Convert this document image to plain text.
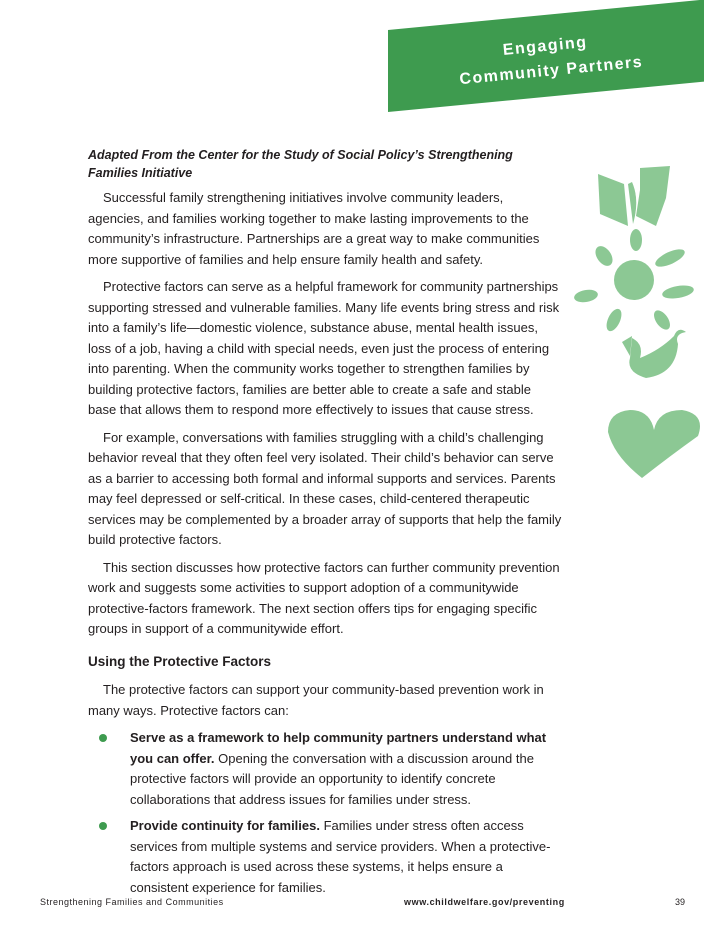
Engaging
Community Partners

Adapted From the Center for the Study of Social Policy’s Strengthening Families Initiative

Successful family strengthening initiatives involve community leaders, agencies, and families working together to make lasting improvements to the community’s infrastructure. Partnerships are a great way to make communities more supportive of families and help ensure family health and safety.

Protective factors can serve as a helpful framework for community partnerships supporting stressed and vulnerable families. Many life events bring stress and risk into a family’s life—domestic violence, substance abuse, mental health issues, loss of a job, having a child with special needs, even just the process of entering into parenting. When the community works together to strengthen families by building protective factors, families are better able to create a safe and stable base that allows them to respond more effectively to issues that cause stress.

For example, conversations with families struggling with a child’s challenging behavior reveal that they often feel very isolated. Their child’s behavior can serve as a barrier to accessing both formal and informal supports and services. Parents may feel depressed or self-critical. In these cases, child-centered therapeutic services may be complemented by a broader array of supports that help the family build protective factors.

This section discusses how protective factors can further community prevention work and suggests some activities to support adoption of a communitywide protective-factors framework. The next section offers tips for engaging specific groups in support of a communitywide effort.

Using the Protective Factors

The protective factors can support your community-based prevention work in many ways. Protective factors can:

Serve as a framework to help community partners understand what you can offer. Opening the conversation with a discussion around the protective factors will provide an opportunity to identify concrete collaborations that address issues for families under stress.
Provide continuity for families. Families under stress often access services from multiple systems and service providers. When a protective-factors approach is used across these systems, it helps ensure a consistent experience for families.
Strengthening Families and Communities	www.childwelfare.gov/preventing	39
